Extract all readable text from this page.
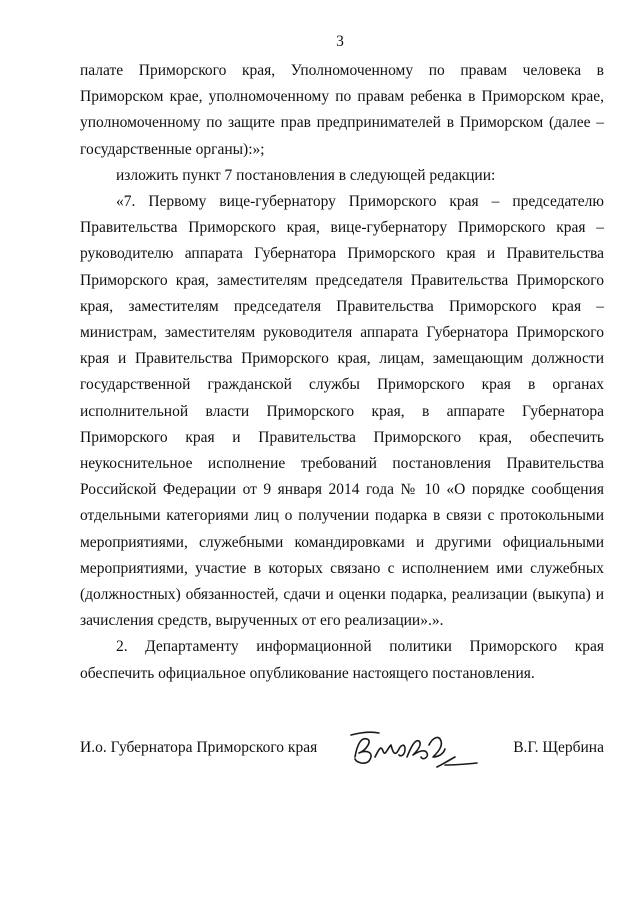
3

палате Приморского края, Уполномоченному по правам человека в Приморском крае, уполномоченному по правам ребенка в Приморском крае, уполномоченному по защите прав предпринимателей в Приморском (далее – государственные органы):»;

изложить пункт 7 постановления в следующей редакции:

«7. Первому вице-губернатору Приморского края – председателю Правительства Приморского края, вице-губернатору Приморского края – руководителю аппарата Губернатора Приморского края и Правительства Приморского края, заместителям председателя Правительства Приморского края, заместителям председателя Правительства Приморского края – министрам, заместителям руководителя аппарата Губернатора Приморского края и Правительства Приморского края, лицам, замещающим должности государственной гражданской службы Приморского края в органах исполнительной власти Приморского края, в аппарате Губернатора Приморского края и Правительства Приморского края, обеспечить неукоснительное исполнение требований постановления Правительства Российской Федерации от 9 января 2014 года № 10 «О порядке сообщения отдельными категориями лиц о получении подарка в связи с протокольными мероприятиями, служебными командировками и другими официальными мероприятиями, участие в которых связано с исполнением ими служебных (должностных) обязанностей, сдачи и оценки подарка, реализации (выкупа) и зачисления средств, вырученных от его реализации».».

2. Департаменту информационной политики Приморского края обеспечить официальное опубликование настоящего постановления.

И.о. Губернатора Приморского края	В.Г. Щербина
